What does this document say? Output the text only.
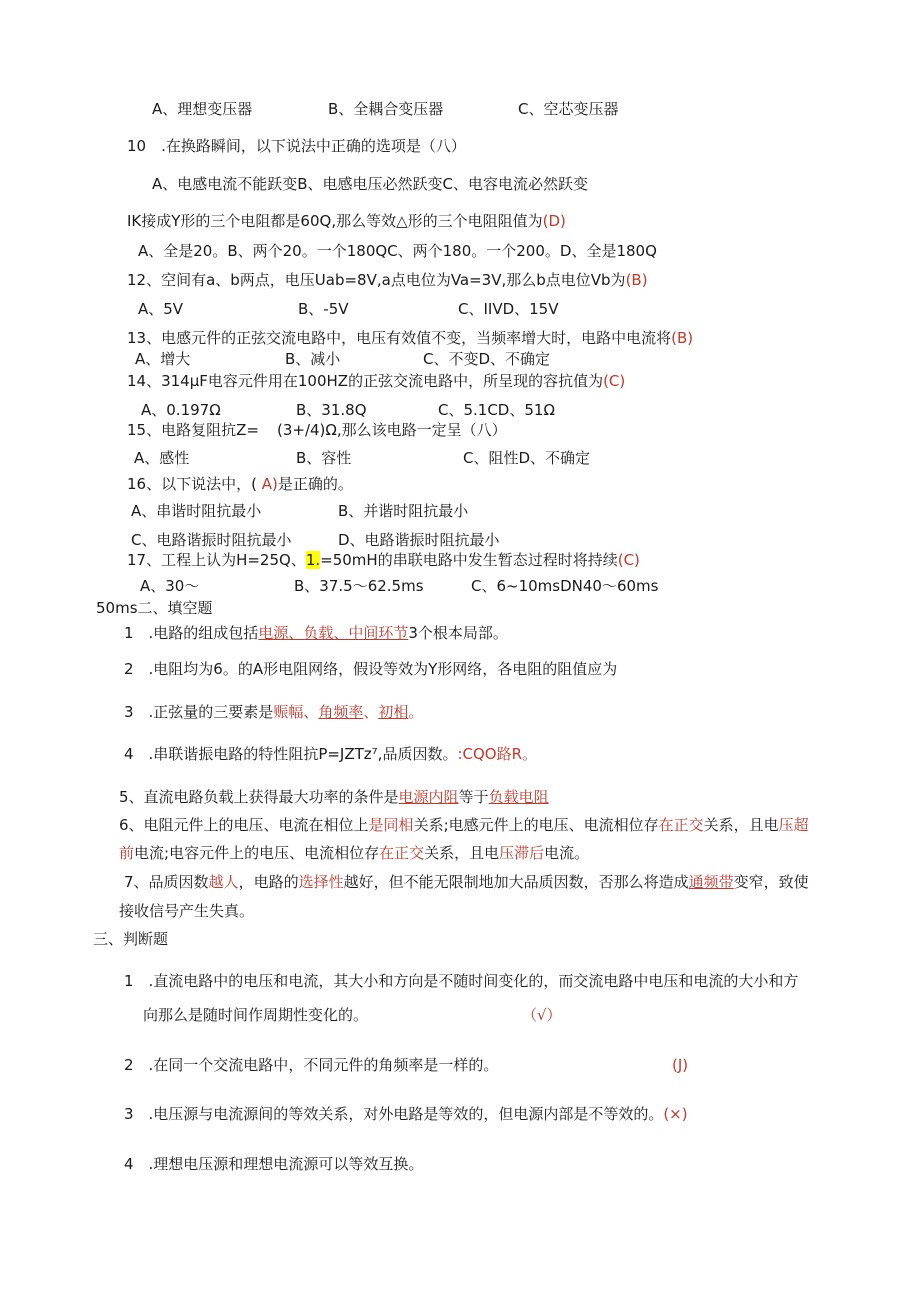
A、理想变压器	B、全耦合变压器	C、空芯变压器
10　.在换路瞬间，以下说法中正确的选项是（八）
A、电感电流不能跃变B、电感电压必然跃变C、电容电流必然跃变
IK接成Y形的三个电阻都是60Q,那么等效△形的三个电阻阻值为(D)
A、全是20。B、两个20。一个180QC、两个180。一个200。D、全是180Q
12、空间有a、b两点，电压Uab=8V,a点电位为Va=3V,那么b点电位Vb为(B)
A、5V	B、-5V	C、IIVD、15V
13、电感元件的正弦交流电路中，电压有效值不变，当频率增大时，电路中电流将(B)
A、增大	B、减小	C、不变D、不确定
14、314μF电容元件用在100HZ的正弦交流电路中，所呈现的容抗值为(C)
A、0.197Ω	B、31.8Q	C、5.1CD、51Ω
15、电路复阻抗Z= (3+/4)Ω,那么该电路一定呈（八）
A、感性	B、容性	C、阻性D、不确定
16、以下说法中，( A)是正确的。
A、串谐时阻抗最小	B、并谐时阻抗最小
C、电路谐振时阻抗最小	D、电路谐振时阻抗最小
17、工程上认为H=25Q、1.=50mH的串联电路中发生暂态过程时将持续(C)
A、30～	B、37.5～62.5ms	C、6~10msDN40～60ms
50ms二、填空题
1　.电路的组成包括电源、负载、中间环节3个根本局部。
2　.电阻均为6。的A形电阻网络，假设等效为Y形网络，各电阻的阻值应为
3　.正弦量的三要素是赈幅、角频率、初相。
4　.串联谐振电路的特性阻抗P=JZTz⁷,品质因数。:CQO路R。
5、直流电路负载上获得最大功率的条件是电源内阻等于负载电阻
6、电阻元件上的电压、电流在相位上是同相关系;电感元件上的电压、电流相位存在正交关系，且电压超
前电流;电容元件上的电压、电流相位存在正交关系，且电压滞后电流。
7、品质因数越人，电路的选择性越好，但不能无限制地加大品质因数，否那么将造成通频带变窄，致使
接收信号产生失真。
三、判断题
1　.直流电路中的电压和电流，其大小和方向是不随时间变化的，而交流电路中电压和电流的大小和方
向那么是随时间作周期性变化的。	（√）
2　.在同一个交流电路中，不同元件的角频率是一样的。	(J)
3　.电压源与电流源间的等效关系，对外电路是等效的，但电源内部是不等效的。(×)
4　.理想电压源和理想电流源可以等效互换。
